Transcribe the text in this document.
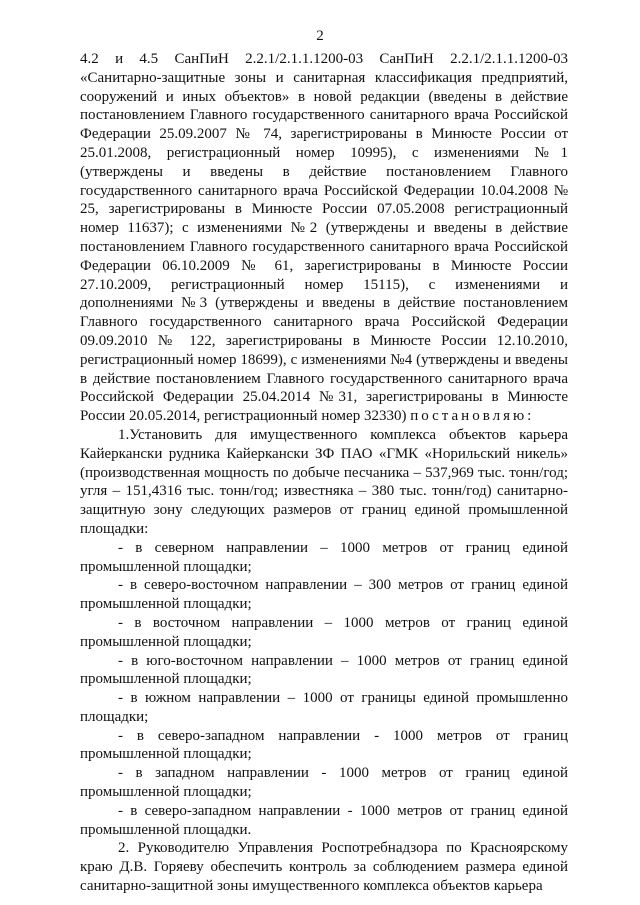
2

4.2 и 4.5 СанПиН 2.2.1/2.1.1.1200-03 СанПиН 2.2.1/2.1.1.1200-03 «Санитарно-защитные зоны и санитарная классификация предприятий, сооружений и иных объектов» в новой редакции (введены в действие постановлением Главного государственного санитарного врача Российской Федерации 25.09.2007 № 74, зарегистрированы в Минюсте России от 25.01.2008, регистрационный номер 10995), с изменениями №1 (утверждены и введены в действие постановлением Главного государственного санитарного врача Российской Федерации 10.04.2008 № 25, зарегистрированы в Минюсте России 07.05.2008 регистрационный номер 11637); с изменениями №2 (утверждены и введены в действие постановлением Главного государственного санитарного врача Российской Федерации 06.10.2009 № 61, зарегистрированы в Минюсте России 27.10.2009, регистрационный номер 15115), с изменениями и дополнениями №3 (утверждены и введены в действие постановлением Главного государственного санитарного врача Российской Федерации 09.09.2010 № 122, зарегистрированы в Минюсте России 12.10.2010, регистрационный номер 18699), с изменениями №4 (утверждены и введены в действие постановлением Главного государственного санитарного врача Российской Федерации 25.04.2014 №31, зарегистрированы в Минюсте России 20.05.2014, регистрационный номер 32330) постановляю:

1.Установить для имущественного комплекса объектов карьера Кайеркански рудника Кайеркански ЗФ ПАО «ГМК «Норильский никель» (производственная мощность по добыче песчаника – 537,969 тыс. тонн/год; угля – 151,4316 тыс. тонн/год; известняка – 380 тыс. тонн/год) санитарно-защитную зону следующих размеров от границ единой промышленной площадки:

- в северном направлении – 1000 метров от границ единой промышленной площадки;

- в северо-восточном направлении – 300 метров от границ единой промышленной площадки;

- в восточном направлении – 1000 метров от границ единой промышленной площадки;

- в юго-восточном направлении – 1000 метров от границ единой промышленной площадки;

- в южном направлении – 1000 от границы единой промышленно площадки;

- в северо-западном направлении - 1000 метров от границ промышленной площадки;

- в западном направлении - 1000 метров от границ единой промышленной площадки;

- в северо-западном направлении - 1000 метров от границ единой промышленной площадки.

2. Руководителю Управления Роспотребнадзора по Красноярскому краю Д.В. Горяеву обеспечить контроль за соблюдением размера единой санитарно-защитной зоны имущественного комплекса объектов карьера
